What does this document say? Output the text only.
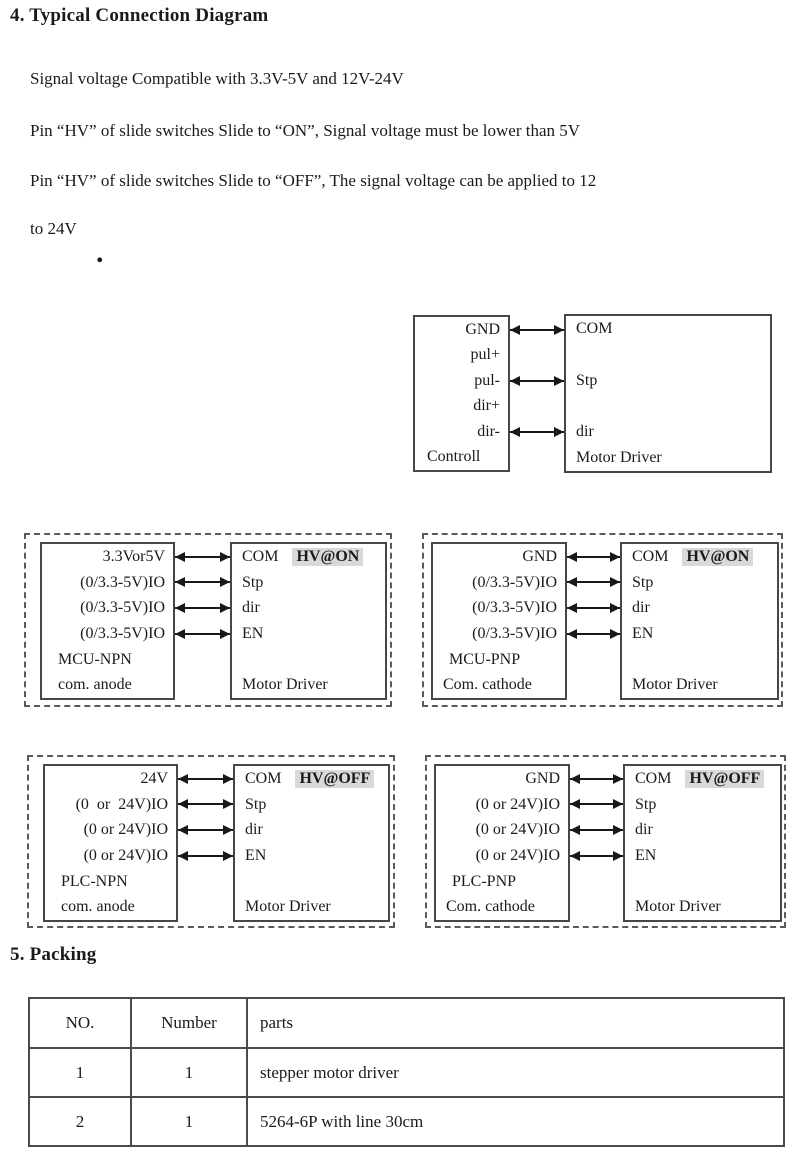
4. Typical Connection Diagram
Signal voltage Compatible with 3.3V-5V and 12V-24V
Pin “HV” of slide switches Slide to “ON”, Signal voltage must be lower than 5V
Pin “HV” of slide switches Slide to “OFF”, The signal voltage can be applied to 12
to 24V
.
GND
pul+
pul-
dir+
dir-
Controll
COM
Stp
dir
Motor Driver
3.3Vor5V
(0/3.3-5V)IO
(0/3.3-5V)IO
(0/3.3-5V)IO
MCU-NPN
com. anode
COM HV@ON
Stp
dir
EN
Motor Driver
GND
(0/3.3-5V)IO
(0/3.3-5V)IO
(0/3.3-5V)IO
MCU-PNP
Com. cathode
COM HV@ON
Stp
dir
EN
Motor Driver
24V
(0  or  24V)IO
(0 or 24V)IO
(0 or 24V)IO
PLC-NPN
com. anode
COM HV@OFF
Stp
dir
EN
Motor Driver
GND
(0 or 24V)IO
(0 or 24V)IO
(0 or 24V)IO
PLC-PNP
Com. cathode
COM HV@OFF
Stp
dir
EN
Motor Driver
5. Packing
NO.	Number	parts
1	1	stepper motor driver
2	1	5264-6P with line 30cm
